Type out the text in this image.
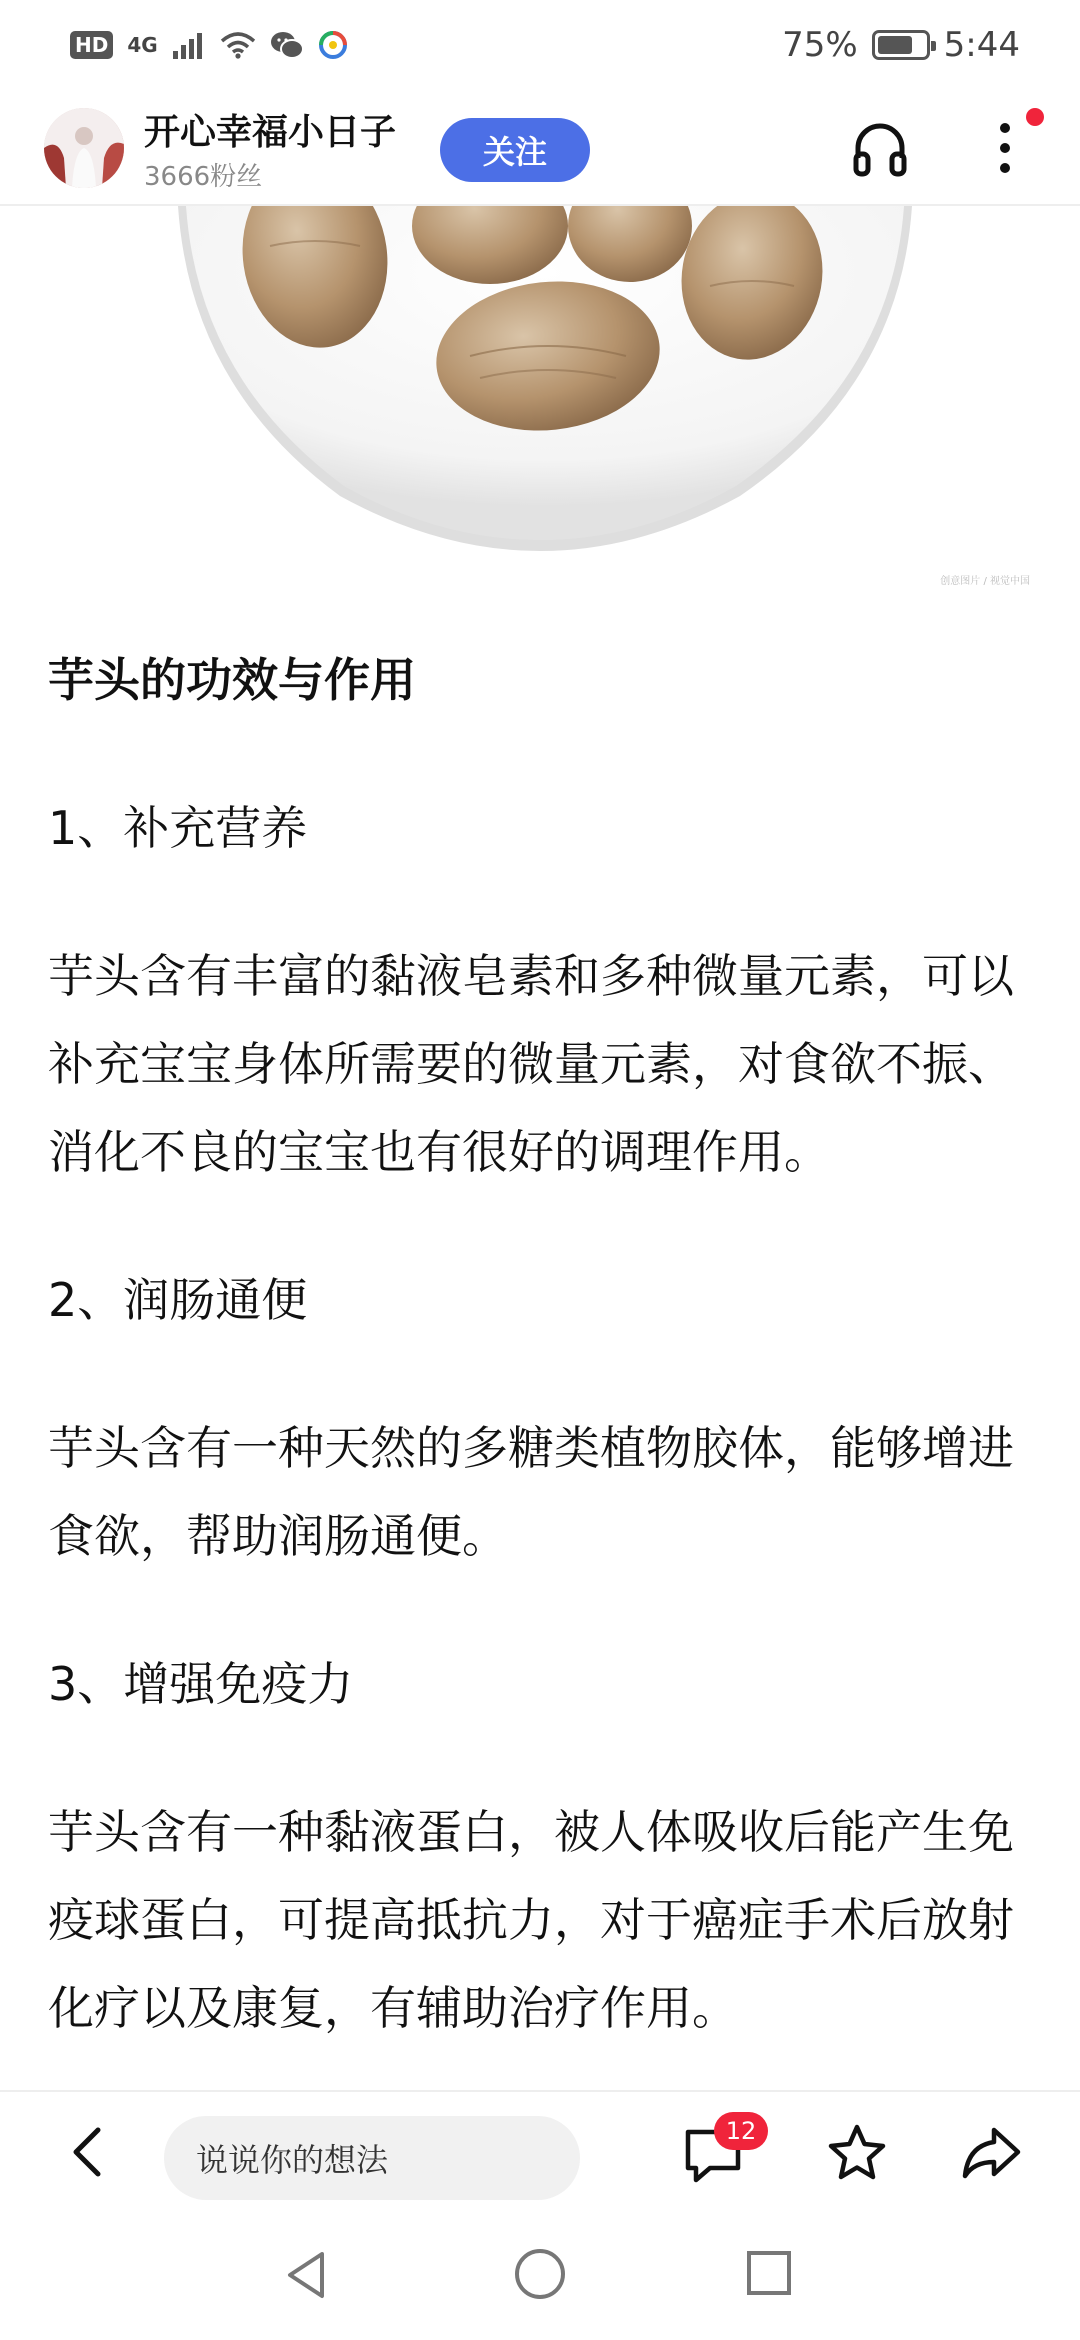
HD 4G	75%	5:44
开心幸福小日子
3666粉丝
关注
创意图片 / 视觉中国
芋头的功效与作用
1、补充营养
芋头含有丰富的黏液皂素和多种微量元素，可以补充宝宝身体所需要的微量元素，对食欲不振、消化不良的宝宝也有很好的调理作用。
2、润肠通便
芋头含有一种天然的多糖类植物胶体，能够增进食欲，帮助润肠通便。
3、增强免疫力
芋头含有一种黏液蛋白，被人体吸收后能产生免疫球蛋白，可提高抵抗力，对于癌症手术后放射化疗以及康复，有辅助治疗作用。
说说你的想法
12
